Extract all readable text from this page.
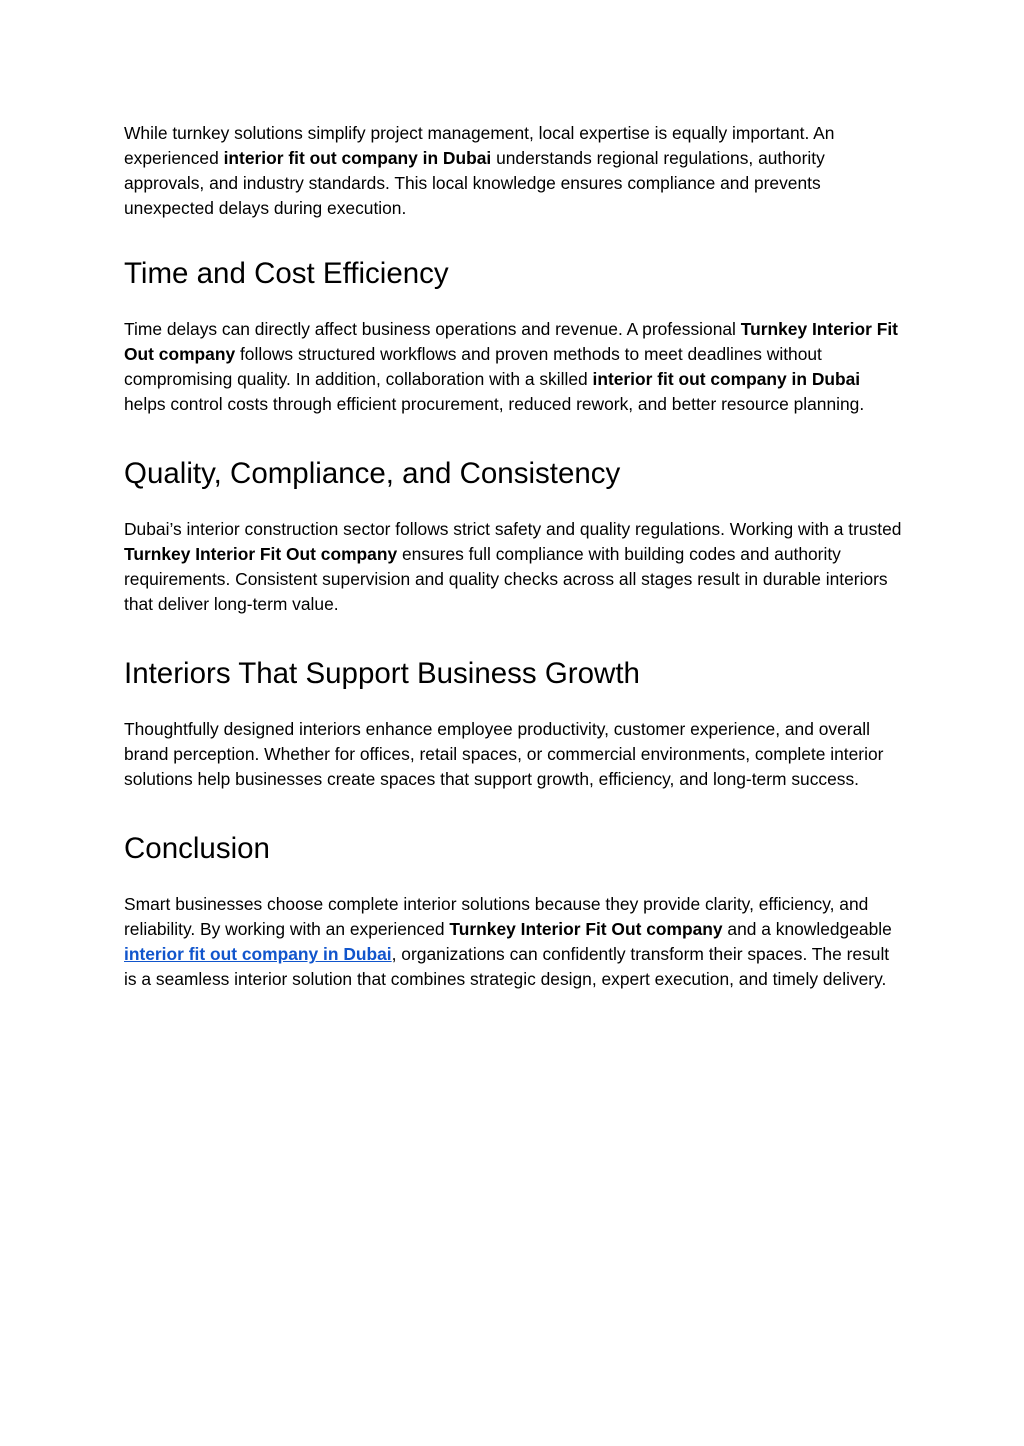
While turnkey solutions simplify project management, local expertise is equally important. An experienced interior fit out company in Dubai understands regional regulations, authority approvals, and industry standards. This local knowledge ensures compliance and prevents unexpected delays during execution.

Time and Cost Efficiency

Time delays can directly affect business operations and revenue. A professional Turnkey Interior Fit Out company follows structured workflows and proven methods to meet deadlines without compromising quality. In addition, collaboration with a skilled interior fit out company in Dubai helps control costs through efficient procurement, reduced rework, and better resource planning.

Quality, Compliance, and Consistency

Dubai’s interior construction sector follows strict safety and quality regulations. Working with a trusted Turnkey Interior Fit Out company ensures full compliance with building codes and authority requirements. Consistent supervision and quality checks across all stages result in durable interiors that deliver long-term value.

Interiors That Support Business Growth

Thoughtfully designed interiors enhance employee productivity, customer experience, and overall brand perception. Whether for offices, retail spaces, or commercial environments, complete interior solutions help businesses create spaces that support growth, efficiency, and long-term success.

Conclusion

Smart businesses choose complete interior solutions because they provide clarity, efficiency, and reliability. By working with an experienced Turnkey Interior Fit Out company and a knowledgeable interior fit out company in Dubai, organizations can confidently transform their spaces. The result is a seamless interior solution that combines strategic design, expert execution, and timely delivery.
